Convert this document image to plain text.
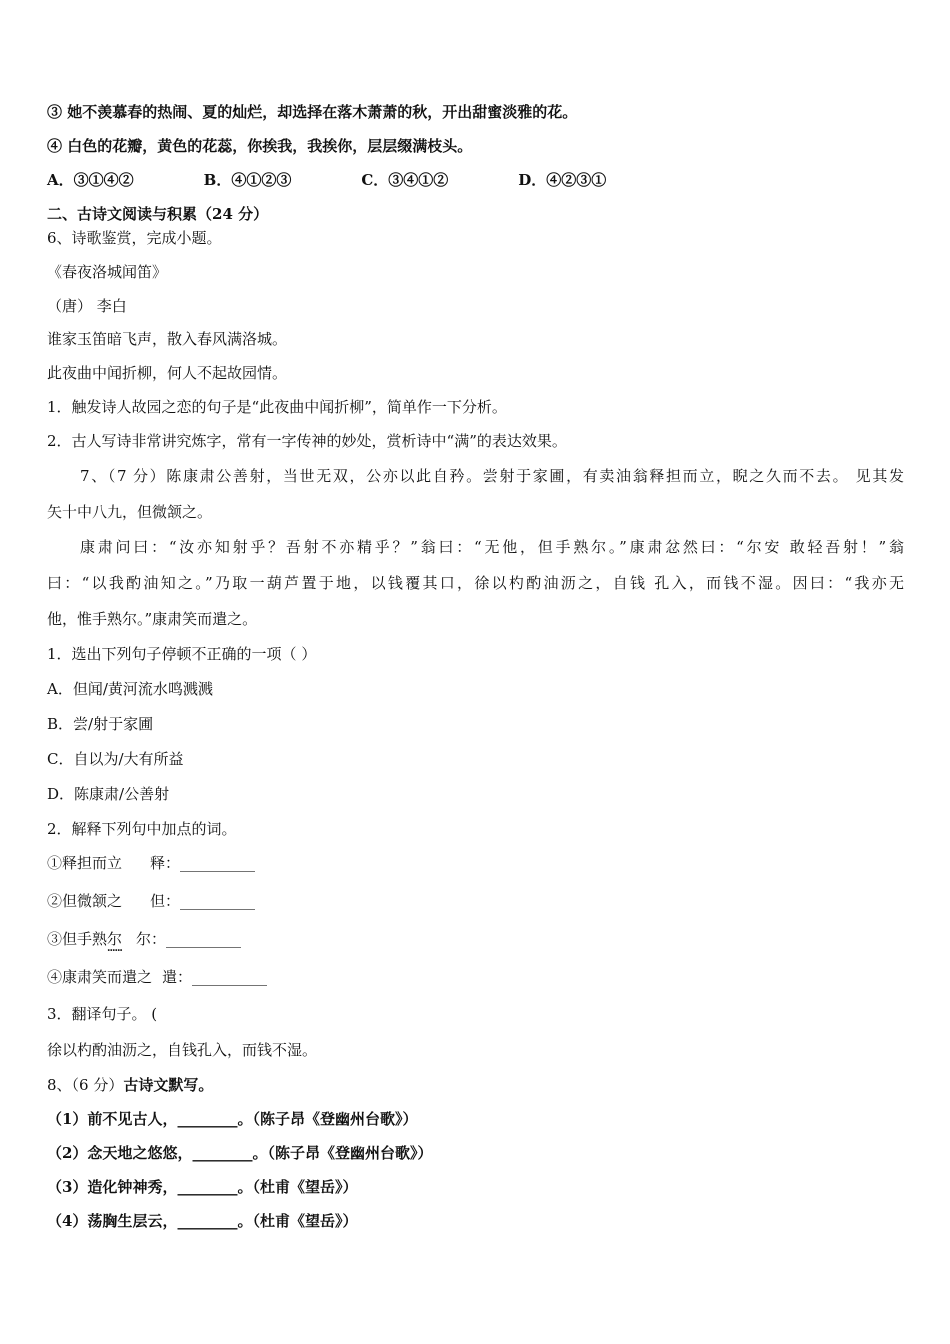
③ 她不羡慕春的热闹、夏的灿烂，却选择在落木萧萧的秋，开出甜蜜淡雅的花。
④ 白色的花瓣，黄色的花蕊，你挨我，我挨你，层层缀满枝头。
A．③①④②	B．④①②③	C．③④①②	D．④②③①
二、古诗文阅读与积累（24 分）
6、诗歌鉴赏，完成小题。
《春夜洛城闻笛》
（唐） 李白
谁家玉笛暗飞声，散入春风满洛城。
此夜曲中闻折柳，何人不起故园情。
1．触发诗人故园之恋的句子是“此夜曲中闻折柳”，简单作一下分析。
2．古人写诗非常讲究炼字，常有一字传神的妙处，赏析诗中“满”的表达效果。
7、（7 分）陈康肃公善射，当世无双，公亦以此自矜。尝射于家圃，有卖油翁释担而立，睨之久而不去。 见其发
矢十中八九，但微颔之。
康肃问曰：“汝亦知射乎？吾射不亦精乎？”翁曰：“无他，但手熟尔。”康肃忿然曰：“尔安 敢轻吾射！”翁
曰：“以我酌油知之。”乃取一葫芦置于地，以钱覆其口，徐以杓酌油沥之，自钱 孔入，而钱不湿。因曰：“我亦无
他，惟手熟尔。”康肃笑而遣之。
1．选出下列句子停顿不正确的一项（ ）
A．但闻/黄河流水鸣溅溅
B．尝/射于家圃
C．自以为/大有所益
D．陈康肃/公善射
2．解释下列句中加点的词。
①释担而立 释：__________
②但微颔之 但：__________
③但手熟尔 ...... 尔：__________
④康肃笑而遣之 遣：__________
3．翻译句子。 (
徐以杓酌油沥之，自钱孔入，而钱不湿。
8、（6 分）古诗文默写。
（1）前不见古人，________。（陈子昂《登幽州台歌》）
（2）念天地之悠悠，________。（陈子昂《登幽州台歌》）
（3）造化钟神秀，________。（杜甫《望岳》）
（4）荡胸生层云，________。（杜甫《望岳》）
